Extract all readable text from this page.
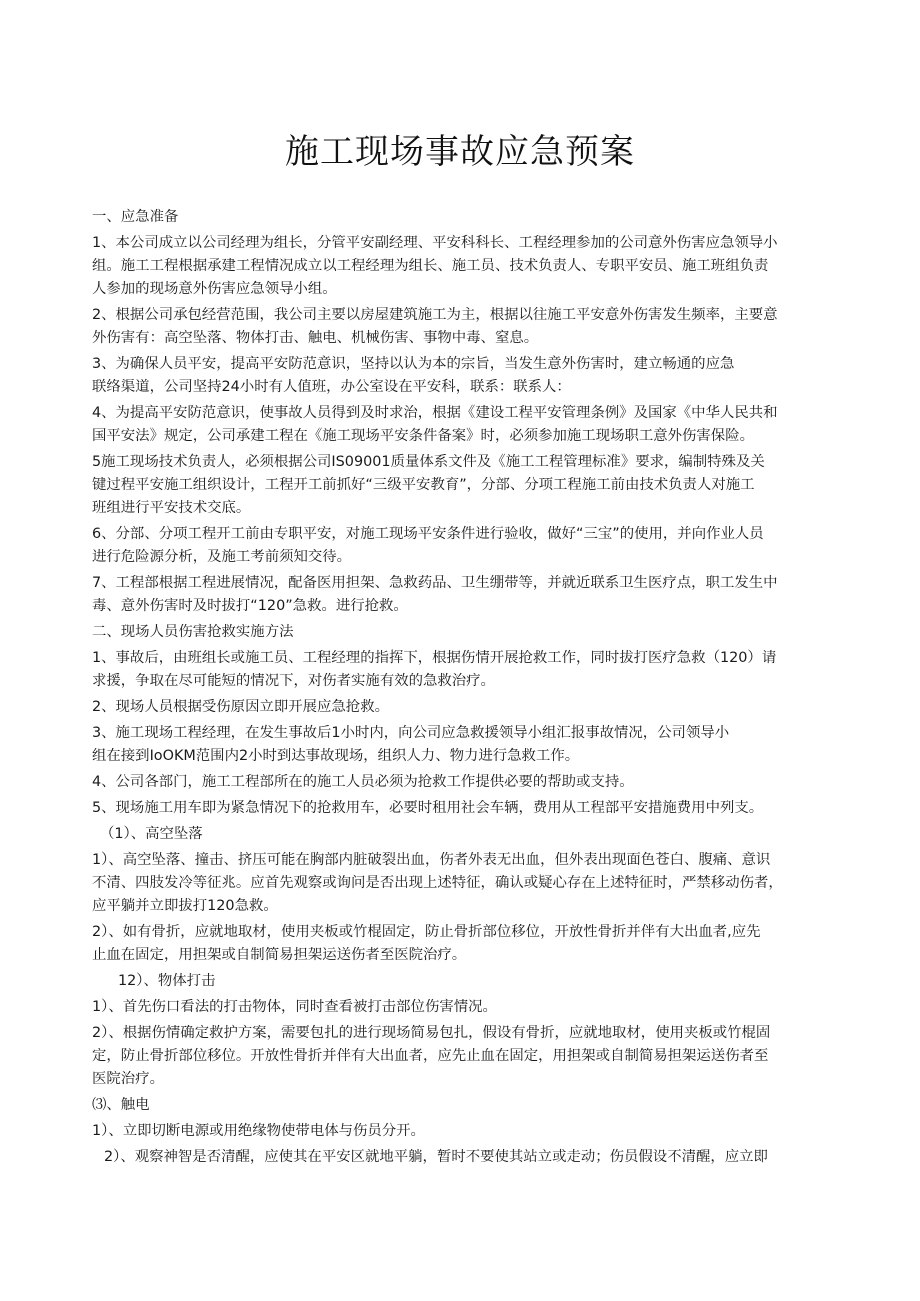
施工现场事故应急预案
一、应急准备
1、本公司成立以公司经理为组长，分管平安副经理、平安科科长、工程经理参加的公司意外伤害应急领导小
组。施工工程根据承建工程情况成立以工程经理为组长、施工员、技术负责人、专职平安员、施工班组负责
人参加的现场意外伤害应急领导小组。
2、根据公司承包经营范围，我公司主要以房屋建筑施工为主，根据以往施工平安意外伤害发生频率，主要意
外伤害有：高空坠落、物体打击、触电、机械伤害、事物中毒、窒息。
3、为确保人员平安，提高平安防范意识，坚持以认为本的宗旨，当发生意外伤害时，建立畅通的应急
联络渠道，公司坚持24小时有人值班，办公室设在平安科，联系：联系人：
4、为提高平安防范意识，使事故人员得到及时求治，根据《建设工程平安管理条例》及国家《中华人民共和
国平安法》规定，公司承建工程在《施工现场平安条件备案》时，必须参加施工现场职工意外伤害保险。
5施工现场技术负责人，必须根据公司IS09001质量体系文件及《施工工程管理标准》要求，编制特殊及关
键过程平安施工组织设计，工程开工前抓好“三级平安教育”，分部、分项工程施工前由技术负责人对施工
班组进行平安技术交底。
6、分部、分项工程开工前由专职平安，对施工现场平安条件进行验收，做好“三宝”的使用，并向作业人员
进行危险源分析，及施工考前须知交待。
7、工程部根据工程进展情况，配备医用担架、急救药品、卫生绷带等，并就近联系卫生医疗点，职工发生中
毒、意外伤害时及时拔打“120”急救。进行抢救。
二、现场人员伤害抢救实施方法
1、事故后，由班组长或施工员、工程经理的指挥下，根据伤情开展抢救工作，同时拔打医疗急救（120）请
求援，争取在尽可能短的情况下，对伤者实施有效的急救治疗。
2、现场人员根据受伤原因立即开展应急抢救。
3、施工现场工程经理，在发生事故后1小时内，向公司应急救援领导小组汇报事故情况，公司领导小
组在接到IoOKM范围内2小时到达事故现场，组织人力、物力进行急救工作。
4、公司各部门，施工工程部所在的施工人员必须为抢救工作提供必要的帮助或支持。
5、现场施工用车即为紧急情况下的抢救用车，必要时租用社会车辆，费用从工程部平安措施费用中列支。
（1）、高空坠落
1）、高空坠落、撞击、挤压可能在胸部内脏破裂出血，伤者外表无出血，但外表出现面色苍白、腹痛、意识
不清、四肢发冷等征兆。应首先观察或询问是否出现上述特征，确认或疑心存在上述特征时，严禁移动伤者，
应平躺并立即拔打120急救。
2）、如有骨折，应就地取材，使用夹板或竹棍固定，防止骨折部位移位，开放性骨折并伴有大出血者,应先
止血在固定，用担架或自制简易担架运送伤者至医院治疗。
12）、物体打击
1）、首先伤口看法的打击物体，同时查看被打击部位伤害情况。
2）、根据伤情确定救护方案，需要包扎的进行现场简易包扎，假设有骨折，应就地取材，使用夹板或竹棍固
定，防止骨折部位移位。开放性骨折并伴有大出血者，应先止血在固定，用担架或自制简易担架运送伤者至
医院治疗。
⑶、触电
1）、立即切断电源或用绝缘物使带电体与伤员分开。
2）、观察神智是否清醒，应使其在平安区就地平躺，暂时不要使其站立或走动；伤员假设不清醒，应立即
